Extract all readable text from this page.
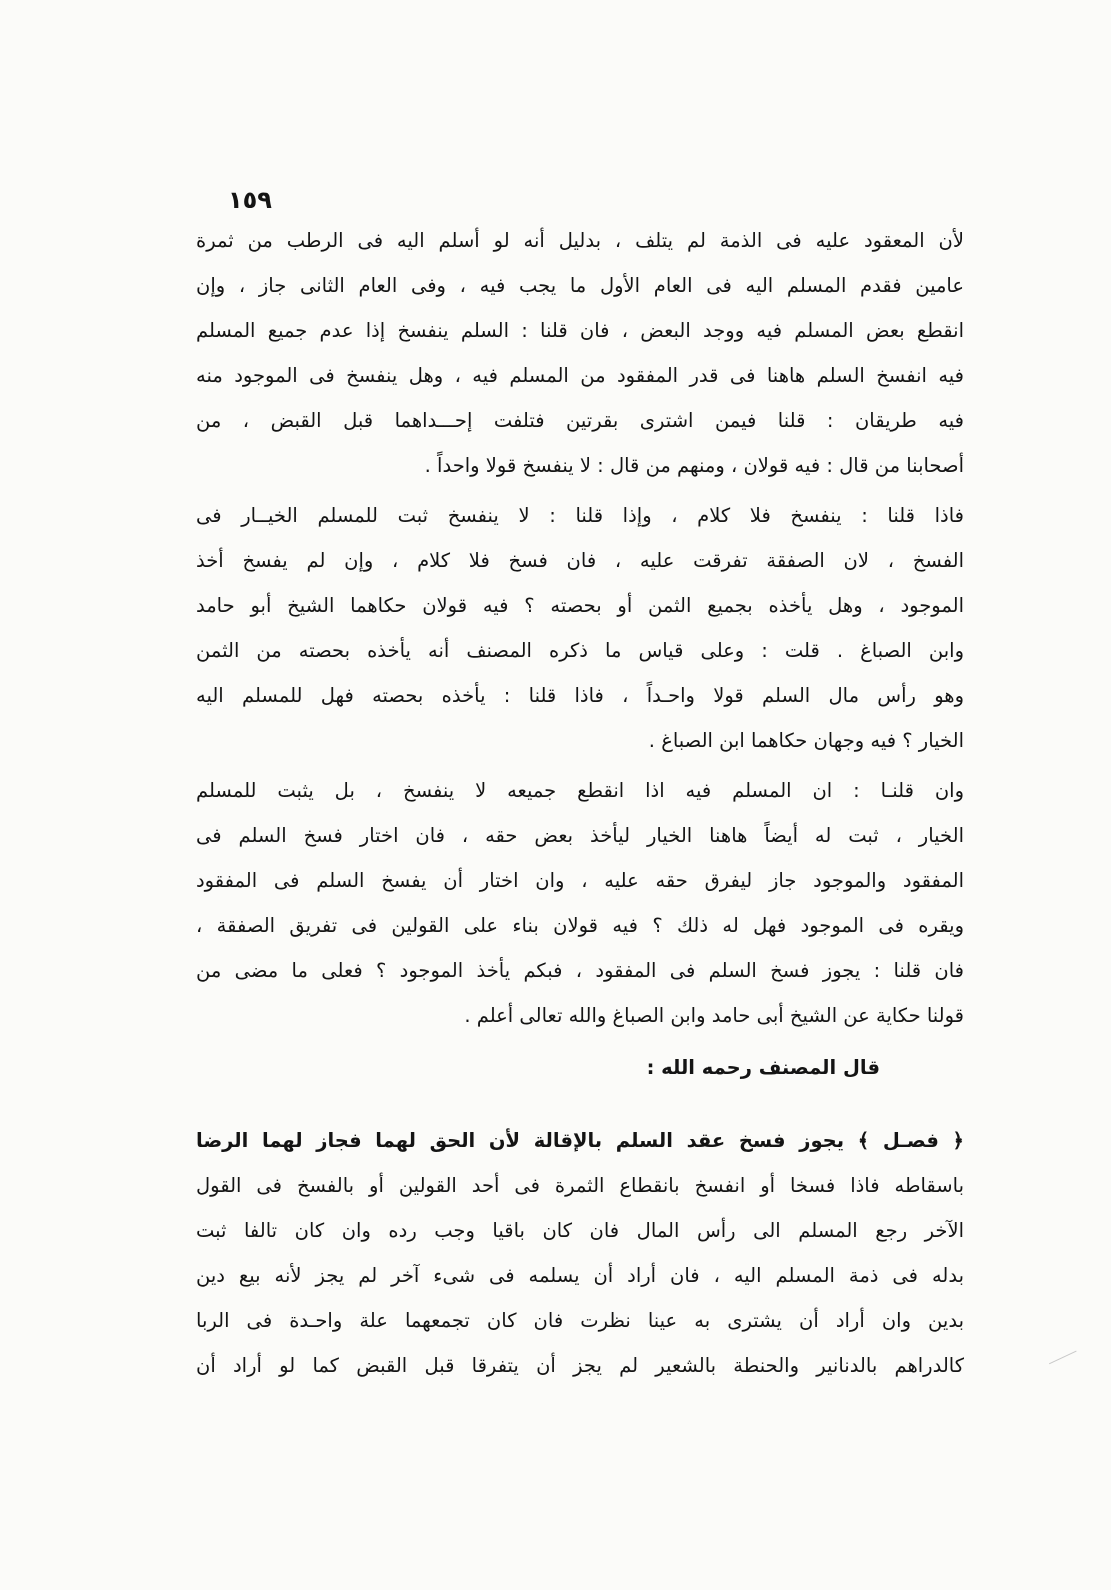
١٥٩

لأن المعقود عليه فى الذمة لم يتلف ، بدليل أنه لو أسلم اليه فى الرطب من ثمرة
عامين فقدم المسلم اليه فى العام الأول ما يجب فيه ، وفى العام الثانى جاز ، وإن
انقطع بعض المسلم فيه ووجد البعض ، فان قلنا : السلم ينفسخ إذا عدم جميع المسلم
فيه انفسخ السلم هاهنا فى قدر المفقود من المسلم فيه ، وهل ينفسخ فى الموجود منه
فيه طريقان : قلنا فيمن اشترى بقرتين فتلفت إحـــداهما قبل القبض ، من
أصحابنا من قال : فيه قولان ، ومنهم من قال : لا ينفسخ قولا واحداً .
فاذا قلنا : ينفسخ فلا كلام ، وإذا قلنا : لا ينفسخ ثبت للمسلم الخيــار فى
الفسخ ، لان الصفقة تفرقت عليه ، فان فسخ فلا كلام ، وإن لم يفسخ أخذ
الموجود ، وهل يأخذه بجميع الثمن أو بحصته ؟ فيه قولان حكاهما الشيخ أبو حامد
وابن الصباغ . قلت : وعلى قياس ما ذكره المصنف أنه يأخذه بحصته من الثمن
وهو رأس مال السلم قولا واحـداً ، فاذا قلنا : يأخذه بحصته فهل للمسلم اليه
الخيار ؟ فيه وجهان حكاهما ابن الصباغ .
وان قلنـا : ان المسلم فيه اذا انقطع جميعه لا ينفسخ ، بل يثبت للمسلم
الخيار ، ثبت له أيضاً هاهنا الخيار ليأخذ بعض حقه ، فان اختار فسخ السلم فى
المفقود والموجود جاز ليفرق حقه عليه ، وان اختار أن يفسخ السلم فى المفقود
ويقره فى الموجود فهل له ذلك ؟ فيه قولان بناء على القولين فى تفريق الصفقة ،
فان قلنا : يجوز فسخ السلم فى المفقود ، فبكم يأخذ الموجود ؟ فعلى ما مضى من
قولنا حكاية عن الشيخ أبى حامد وابن الصباغ والله تعالى أعلم .

قال المصنف رحمه الله :

﴿ فصـل ﴾ يجوز فسخ عقد السلم بالإقالة لأن الحق لهما فجاز لهما الرضا
باسقاطه فاذا فسخا أو انفسخ بانقطاع الثمرة فى أحد القولين أو بالفسخ فى القول
الآخر رجع المسلم الى رأس المال فان كان باقيا وجب رده وان كان تالفا ثبت
بدله فى ذمة المسلم اليه ، فان أراد أن يسلمه فى شىء آخر لم يجز لأنه بيع دين
بدين وان أراد أن يشترى به عينا نظرت فان كان تجمعهما علة واحـدة فى الربا
كالدراهم بالدنانير والحنطة بالشعير لم يجز أن يتفرقا قبل القبض كما لو أراد أن
